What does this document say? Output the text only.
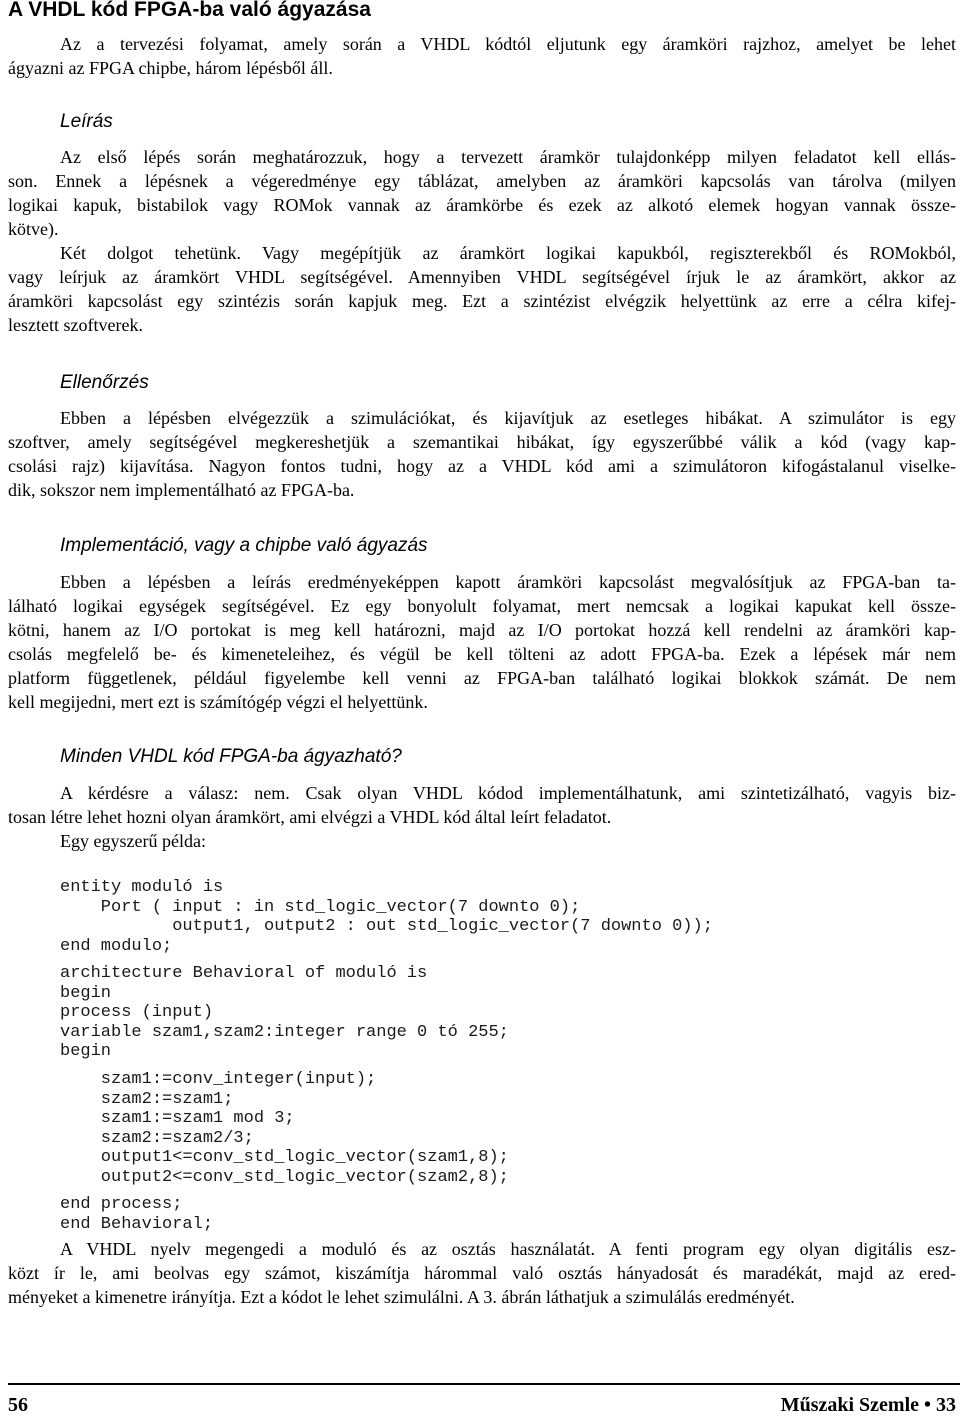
A VHDL kód FPGA-ba való ágyazása
Az a tervezési folyamat, amely során a VHDL kódtól eljutunk egy áramköri rajzhoz, amelyet be lehet
ágyazni az FPGA chipbe, három lépésből áll.
Leírás
Az első lépés során meghatározzuk, hogy a tervezett áramkör tulajdonképp milyen feladatot kell ellás-
son. Ennek a lépésnek a végeredménye egy táblázat, amelyben az áramköri kapcsolás van tárolva (milyen
logikai kapuk, bistabilok vagy ROMok vannak az áramkörbe és ezek az alkotó elemek hogyan vannak össze-
kötve).
Két dolgot tehetünk. Vagy megépítjük az áramkört logikai kapukból, regiszterekből és ROMokból,
vagy leírjuk az áramkört VHDL segítségével. Amennyiben VHDL segítségével írjuk le az áramkört, akkor az
áramköri kapcsolást egy szintézis során kapjuk meg. Ezt a szintézist elvégzik helyettünk az erre a célra kifej-
lesztett szoftverek.
Ellenőrzés
Ebben a lépésben elvégezzük a szimulációkat, és kijavítjuk az esetleges hibákat. A szimulátor is egy
szoftver, amely segítségével megkereshetjük a szemantikai hibákat, így egyszerűbbé válik a kód (vagy kap-
csolási rajz) kijavítása. Nagyon fontos tudni, hogy az a VHDL kód ami a szimulátoron kifogástalanul viselke-
dik, sokszor nem implementálható az FPGA-ba.
Implementáció, vagy a chipbe való ágyazás
Ebben a lépésben a leírás eredményeképpen kapott áramköri kapcsolást megvalósítjuk az FPGA-ban ta-
lálható logikai egységek segítségével. Ez egy bonyolult folyamat, mert nemcsak a logikai kapukat kell össze-
kötni, hanem az I/O portokat is meg kell határozni, majd az I/O portokat hozzá kell rendelni az áramköri kap-
csolás megfelelő be- és kimeneteleihez, és végül be kell tölteni az adott FPGA-ba. Ezek a lépések már nem
platform függetlenek, például figyelembe kell venni az FPGA-ban található logikai blokkok számát. De nem
kell megijedni, mert ezt is számítógép végzi el helyettünk.
Minden VHDL kód FPGA-ba ágyazható?
A kérdésre a válasz: nem. Csak olyan VHDL kódod implementálhatunk, ami szintetizálható, vagyis biz-
tosan létre lehet hozni olyan áramkört, ami elvégzi a VHDL kód által leírt feladatot.
Egy egyszerű példa:
entity moduló is
Port ( input : in std_logic_vector(7 downto 0);
output1, output2 : out std_logic_vector(7 downto 0));
end modulo;
architecture Behavioral of moduló is
begin
process (input)
variable szam1,szam2:integer range 0 tó 255;
begin
szam1:=conv_integer(input);
szam2:=szam1;
szam1:=szam1 mod 3;
szam2:=szam2/3;
output1<=conv_std_logic_vector(szam1,8);
output2<=conv_std_logic_vector(szam2,8);
end process;
end Behavioral;
A VHDL nyelv megengedi a moduló és az osztás használatát. A fenti program egy olyan digitális esz-
közt ír le, ami beolvas egy számot, kiszámítja hárommal való osztás hányadosát és maradékát, majd az ered-
ményeket a kimenetre irányítja. Ezt a kódot le lehet szimulálni. A 3. ábrán láthatjuk a szimulálás eredményét.
56	Műszaki Szemle • 33
